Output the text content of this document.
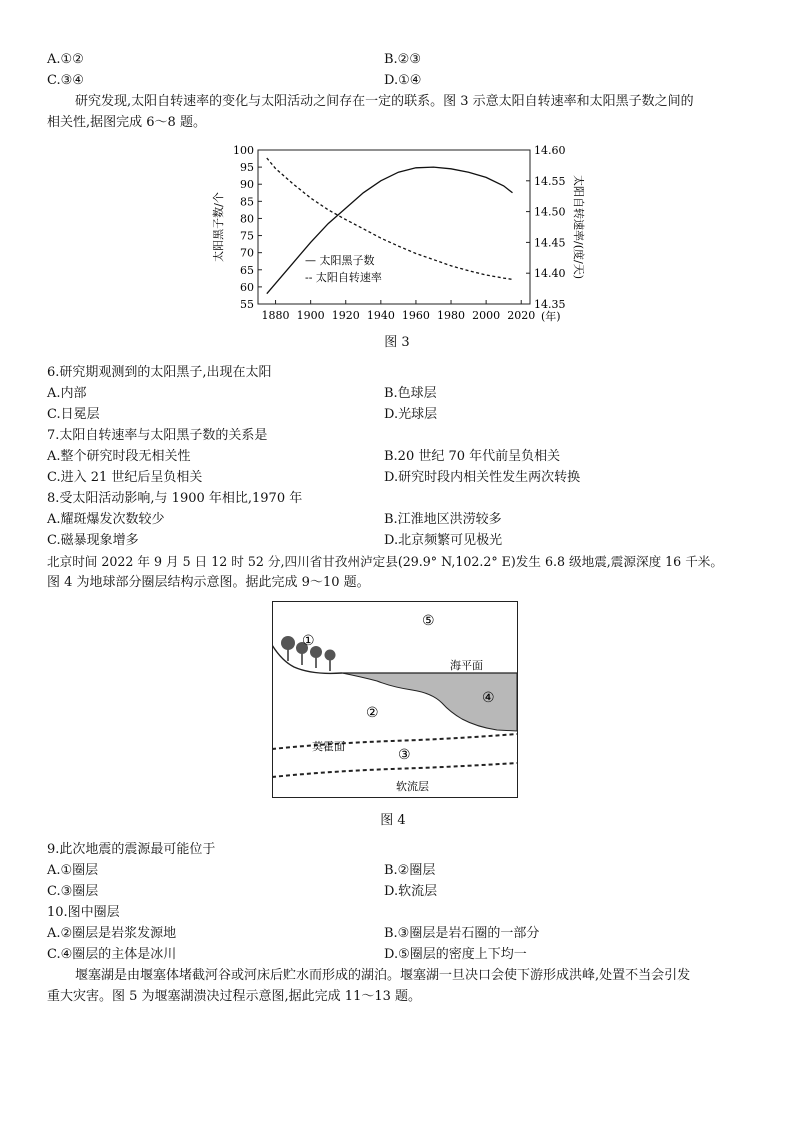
A.①②	B.②③
C.③④	D.①④
研究发现,太阳自转速率的变化与太阳活动之间存在一定的联系。图 3 示意太阳自转速率和太阳黑子数之间的
相关性,据图完成 6～8 题。
100
95
90
85
80
75
70
65
60
55
14.60
14.55
14.50
14.45
14.40
14.35
1880 1900 1920 1940 1960 1980 2000 2020
太阳黑子数/个	太阳自转速率/(度/天)
(年)
— 太阳黑子数
-- 太阳自转速率
图 3
6.研究期观测到的太阳黑子,出现在太阳
A.内部	B.色球层
C.日冕层	D.光球层
7.太阳自转速率与太阳黑子数的关系是
A.整个研究时段无相关性	B.20 世纪 70 年代前呈负相关
C.进入 21 世纪后呈负相关	D.研究时段内相关性发生两次转换
8.受太阳活动影响,与 1900 年相比,1970 年
A.耀斑爆发次数较少	B.江淮地区洪涝较多
C.磁暴现象增多	D.北京频繁可见极光
北京时间 2022 年 9 月 5 日 12 时 52 分,四川省甘孜州泸定县(29.9° N,102.2° E)发生 6.8 级地震,震源深度 16 千米。
图 4 为地球部分圈层结构示意图。据此完成 9～10 题。
①
⑤
海平面
④
②
莫霍面
③
软流层
图 4
9.此次地震的震源最可能位于
A.①圈层	B.②圈层
C.③圈层	D.软流层
10.图中圈层
A.②圈层是岩浆发源地	B.③圈层是岩石圈的一部分
C.④圈层的主体是冰川	D.⑤圈层的密度上下均一
堰塞湖是由堰塞体堵截河谷或河床后贮水而形成的湖泊。堰塞湖一旦决口会使下游形成洪峰,处置不当会引发
重大灾害。图 5 为堰塞湖溃决过程示意图,据此完成 11～13 题。
